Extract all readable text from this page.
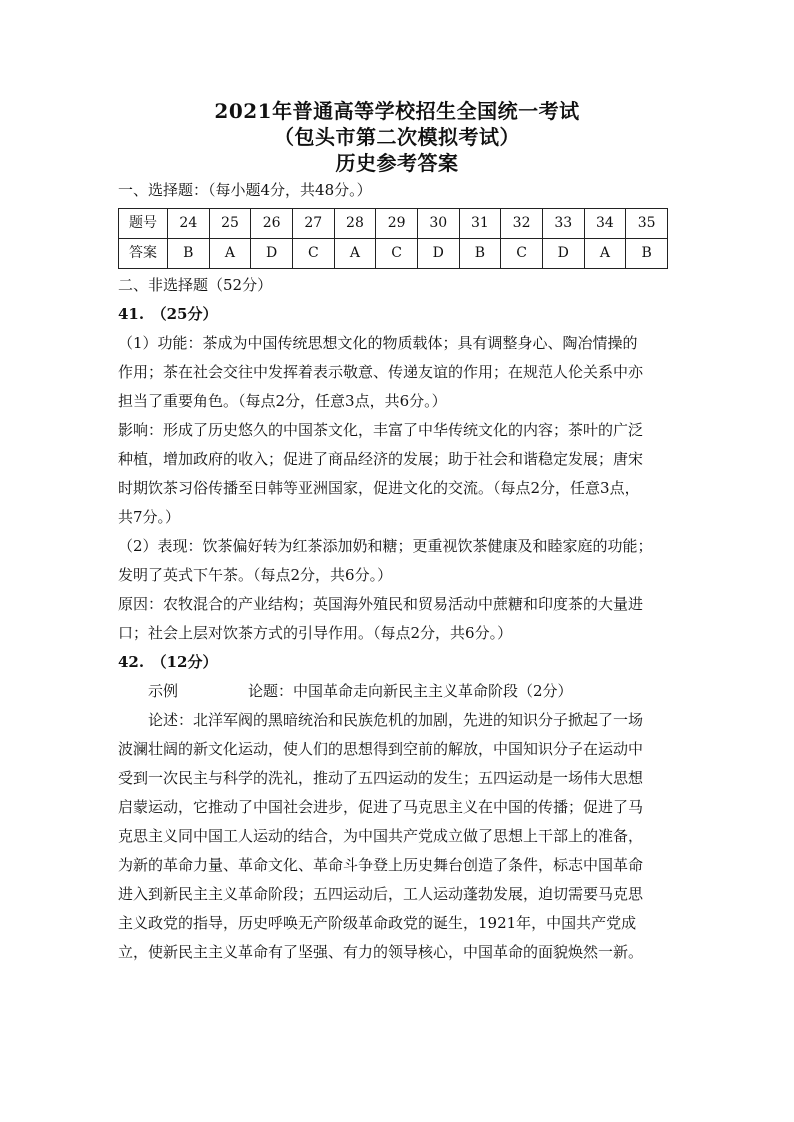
2021年普通高等学校招生全国统一考试
（包头市第二次模拟考试）
历史参考答案
一、选择题：（每小题4分，共48分。）
题号	24	25	26	27	28	29	30	31	32	33	34	35
答案	B	A	D	C	A	C	D	B	C	D	A	B
二、非选择题（52分）
41.　（25分）
（1）功能：茶成为中国传统思想文化的物质载体；具有调整身心、陶冶情操的
作用；茶在社会交往中发挥着表示敬意、传递友谊的作用；在规范人伦关系中亦
担当了重要角色。（每点2分，任意3点，共6分。）
影响：形成了历史悠久的中国茶文化，丰富了中华传统文化的内容；茶叶的广泛
种植，增加政府的收入；促进了商品经济的发展；助于社会和谐稳定发展；唐宋
时期饮茶习俗传播至日韩等亚洲国家，促进文化的交流。（每点2分，任意3点，
共7分。）
（2）表现：饮茶偏好转为红茶添加奶和糖；更重视饮茶健康及和睦家庭的功能；
发明了英式下午茶。（每点2分，共6分。）
原因：农牧混合的产业结构；英国海外殖民和贸易活动中蔗糖和印度茶的大量进
口；社会上层对饮茶方式的引导作用。（每点2分，共6分。）
42.　（12分）
示例	论题：中国革命走向新民主主义革命阶段（2分）
论述：北洋军阀的黑暗统治和民族危机的加剧，先进的知识分子掀起了一场
波澜壮阔的新文化运动，使人们的思想得到空前的解放，中国知识分子在运动中
受到一次民主与科学的洗礼，推动了五四运动的发生；五四运动是一场伟大思想
启蒙运动，它推动了中国社会进步，促进了马克思主义在中国的传播；促进了马
克思主义同中国工人运动的结合，为中国共产党成立做了思想上干部上的准备，
为新的革命力量、革命文化、革命斗争登上历史舞台创造了条件，标志中国革命
进入到新民主主义革命阶段；五四运动后，工人运动蓬勃发展，迫切需要马克思
主义政党的指导，历史呼唤无产阶级革命政党的诞生，1921年，中国共产党成
立，使新民主主义革命有了坚强、有力的领导核心，中国革命的面貌焕然一新。
